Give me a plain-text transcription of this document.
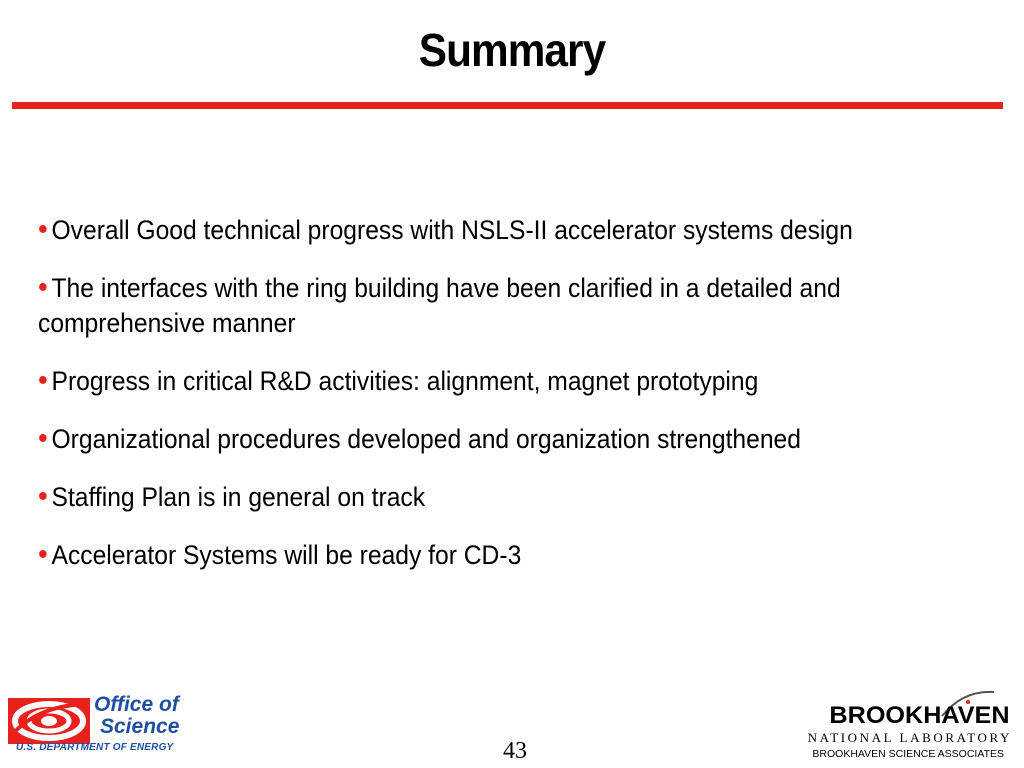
Summary
• Overall Good technical progress with NSLS-II accelerator systems design
• The interfaces with the ring building have been clarified in a detailed and comprehensive manner
• Progress in critical R&D activities: alignment, magnet prototyping
• Organizational procedures developed and organization strengthened
• Staffing Plan is in general on track
• Accelerator Systems will be ready for CD-3
Office of
Science
U.S. DEPARTMENT OF ENERGY	43
BROOKHAVEN
NATIONAL LABORATORY
BROOKHAVEN SCIENCE ASSOCIATES
